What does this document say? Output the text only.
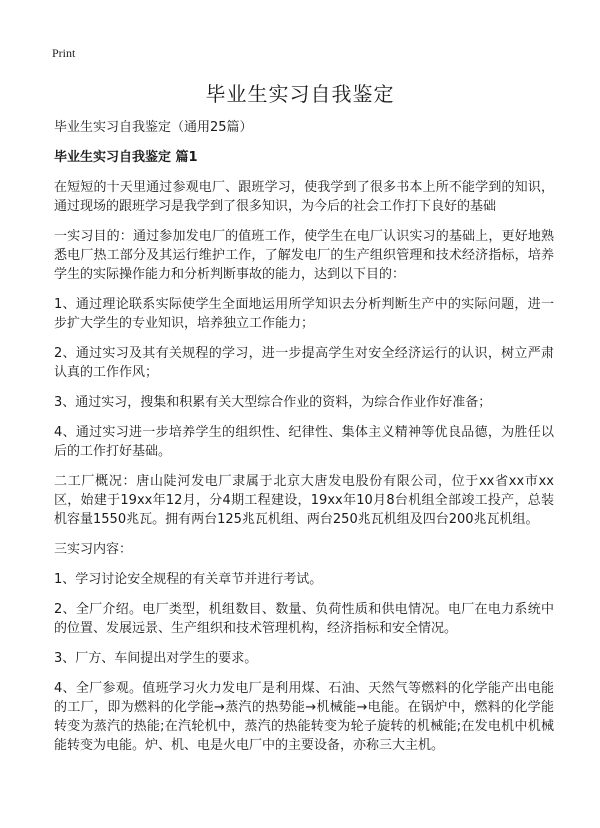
Print
毕业生实习自我鉴定

毕业生实习自我鉴定（通用25篇）

毕业生实习自我鉴定 篇1

在短短的十天里通过参观电厂、跟班学习，使我学到了很多书本上所不能学到的知识，通过现场的跟班学习是我学到了很多知识，为今后的社会工作打下良好的基础

一实习目的：通过参加发电厂的值班工作，使学生在电厂认识实习的基础上，更好地熟悉电厂热工部分及其运行维护工作，了解发电厂的生产组织管理和技术经济指标，培养学生的实际操作能力和分析判断事故的能力，达到以下目的：

1、通过理论联系实际使学生全面地运用所学知识去分析判断生产中的实际问题，进一步扩大学生的专业知识，培养独立工作能力；

2、通过实习及其有关规程的学习，进一步提高学生对安全经济运行的认识，树立严肃认真的工作作风；

3、通过实习，搜集和积累有关大型综合作业的资料，为综合作业作好准备；

4、通过实习进一步培养学生的组织性、纪律性、集体主义精神等优良品德，为胜任以后的工作打好基础。

二工厂概况：唐山陡河发电厂隶属于北京大唐发电股份有限公司，位于xx省xx市xx区，始建于19xx年12月，分4期工程建设，19xx年10月8台机组全部竣工投产，总装机容量1550兆瓦。拥有两台125兆瓦机组、两台250兆瓦机组及四台200兆瓦机组。

三实习内容：

1、学习讨论安全规程的有关章节并进行考试。

2、全厂介绍。电厂类型，机组数目、数量、负荷性质和供电情况。电厂在电力系统中的位置、发展远景、生产组织和技术管理机构，经济指标和安全情况。

3、厂方、车间提出对学生的要求。

4、全厂参观。值班学习火力发电厂是利用煤、石油、天然气等燃料的化学能产出电能的工厂，即为燃料的化学能→蒸汽的热势能→机械能→电能。在锅炉中，燃料的化学能转变为蒸汽的热能;在汽轮机中，蒸汽的热能转变为轮子旋转的机械能;在发电机中机械能转变为电能。炉、机、电是火电厂中的主要设备，亦称三大主机。
